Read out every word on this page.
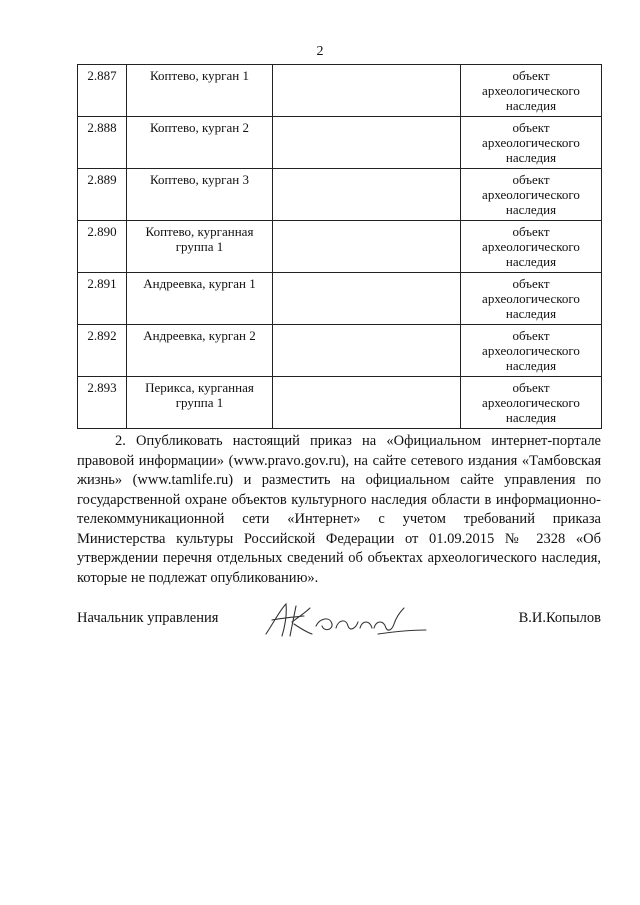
2
2.887	Коптево, курган 1		объект археологического наследия
2.888	Коптево, курган 2		объект археологического наследия
2.889	Коптево, курган 3		объект археологического наследия
2.890	Коптево, курганная группа 1		объект археологического наследия
2.891	Андреевка, курган 1		объект археологического наследия
2.892	Андреевка, курган 2		объект археологического наследия
2.893	Перикса, курганная группа 1		объект археологического наследия

2. Опубликовать настоящий приказ на «Официальном интернет-портале правовой информации» (www.pravo.gov.ru), на сайте сетевого издания «Тамбовская жизнь» (www.tamlife.ru) и разместить на официальном сайте управления по государственной охране объектов культурного наследия области в информационно-телекоммуникационной сети «Интернет» с учетом требований приказа Министерства культуры Российской Федерации от 01.09.2015 № 2328 «Об утверждении перечня отдельных сведений об объектах археологического наследия, которые не подлежат опубликованию».

Начальник управления	В.И.Копылов
